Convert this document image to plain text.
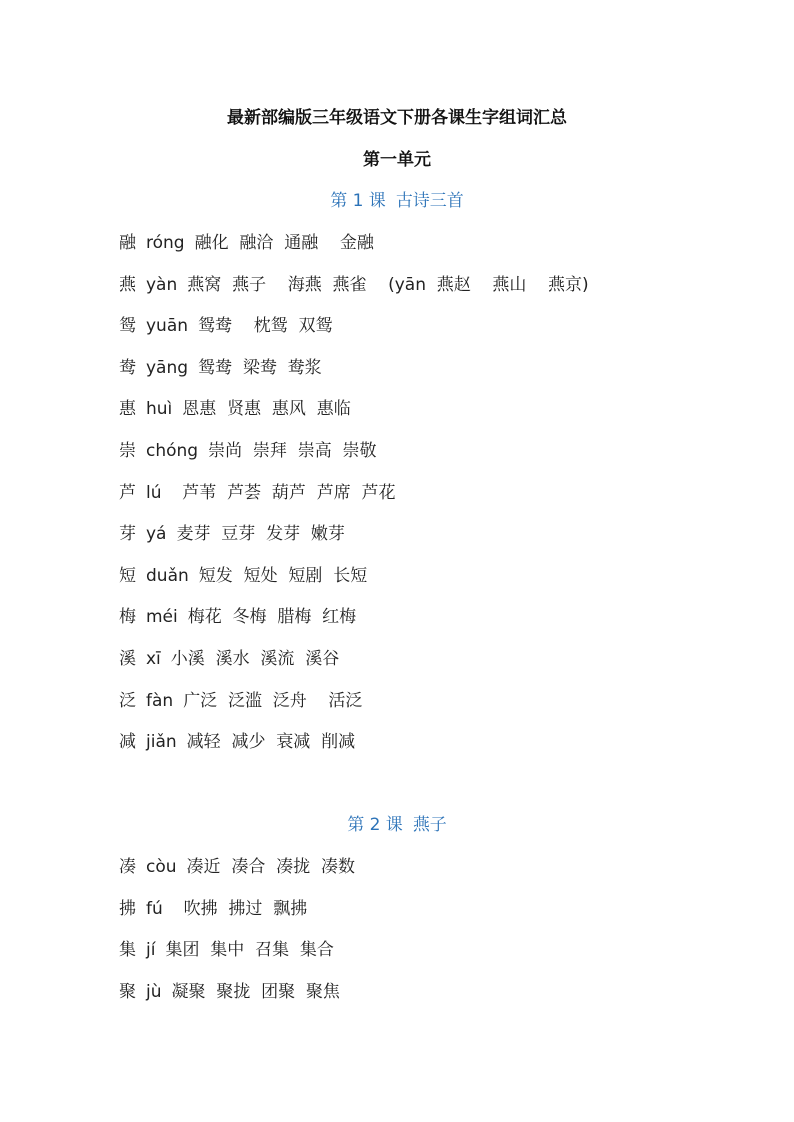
最新部编版三年级语文下册各课生字组词汇总
第一单元
第 1 课 古诗三首
融 róng 融化  融洽  通融    金融
燕 yàn 燕窝  燕子    海燕  燕雀    (yān  燕赵    燕山    燕京)
鸳 yuān 鸳鸯    枕鸳  双鸳
鸯 yāng 鸳鸯  梁鸯  鸯浆
惠 huì 恩惠  贤惠  惠风  惠临
崇 chóng 崇尚  崇拜  崇高  崇敬
芦 lú  芦苇  芦荟  葫芦  芦席  芦花
芽 yá 麦芽  豆芽  发芽  嫩芽
短 duǎn 短发  短处  短剧  长短
梅 méi 梅花  冬梅  腊梅  红梅
溪 xī 小溪  溪水  溪流  溪谷
泛 fàn 广泛  泛滥  泛舟    活泛
减 jiǎn 减轻  减少  衰减  削减
第 2 课 燕子
凑 còu 凑近  凑合  凑拢  凑数
拂 fú  吹拂  拂过  飘拂
集 jí 集团  集中  召集  集合
聚 jù 凝聚  聚拢  团聚  聚焦
